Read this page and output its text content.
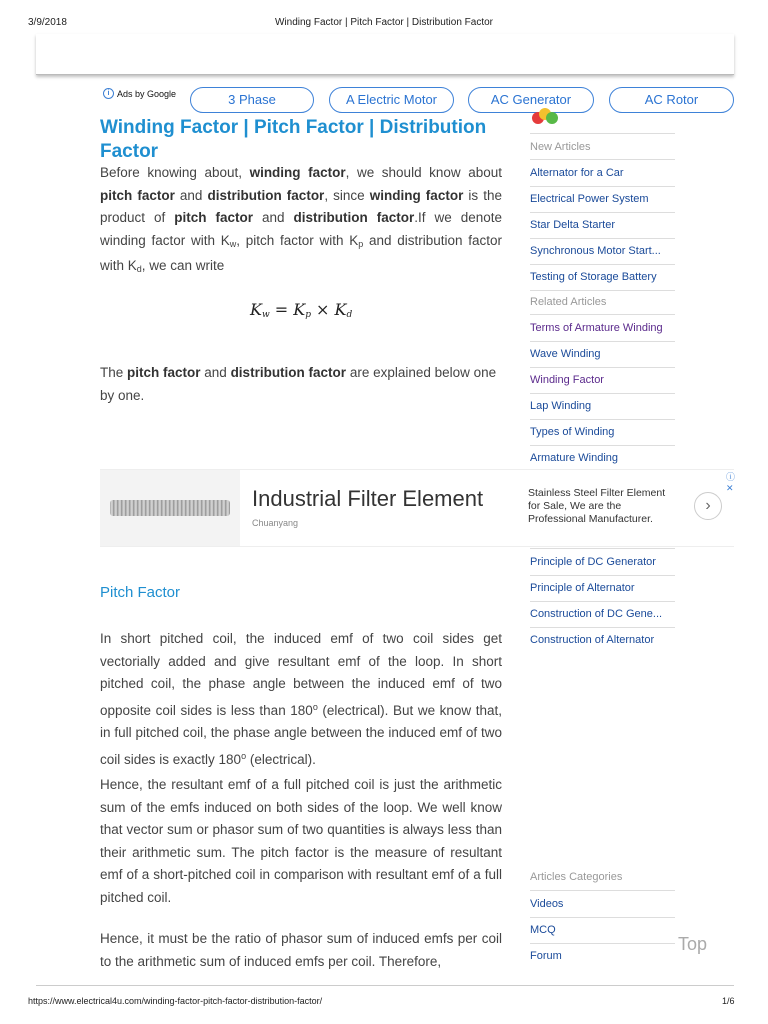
3/9/2018	Winding Factor | Pitch Factor | Distribution Factor
i Ads by Google	3 Phase	A Electric Motor	AC Generator	AC Rotor
Winding Factor | Pitch Factor | Distribution Factor
Before knowing about, winding factor, we should know about pitch factor and distribution factor, since winding factor is the product of pitch factor and distribution factor.If we denote winding factor with $K_w$, pitch factor with $K_p$ and distribution factor with $K_d$, we can write
$K_w = K_p \times K_d$
The pitch factor and distribution factor are explained below one by one.
New Articles
Alternator for a Car
Electrical Power System
Star Delta Starter
Synchronous Motor Start...
Testing of Storage Battery
Related Articles
Terms of Armature Winding
Wave Winding
Winding Factor
Lap Winding
Types of Winding
Armature Winding
Industrial Filter Element
Chuanyang
Stainless Steel Filter Element for Sale, We are the Professional Manufacturer.
›
ⓘ ✕
Principle of DC Generator
Principle of Alternator
Construction of DC Gene...
Construction of Alternator
Pitch Factor
In short pitched coil, the induced emf of two coil sides get vectorially added and give resultant emf of the loop. In short pitched coil, the phase angle between the induced emf of two opposite coil sides is less than 180$^o$ (electrical). But we know that, in full pitched coil, the phase angle between the induced emf of two coil sides is exactly 180$^o$ (electrical).
Hence, the resultant emf of a full pitched coil is just the arithmetic sum of the emfs induced on both sides of the loop. We well know that vector sum or phasor sum of two quantities is always less than their arithmetic sum. The pitch factor is the measure of resultant emf of a short-pitched coil in comparison with resultant emf of a full pitched coil.
Hence, it must be the ratio of phasor sum of induced emfs per coil to the arithmetic sum of induced emfs per coil. Therefore,
Articles Categories
Videos
MCQ
Forum
Top
https://www.electrical4u.com/winding-factor-pitch-factor-distribution-factor/	1/6
